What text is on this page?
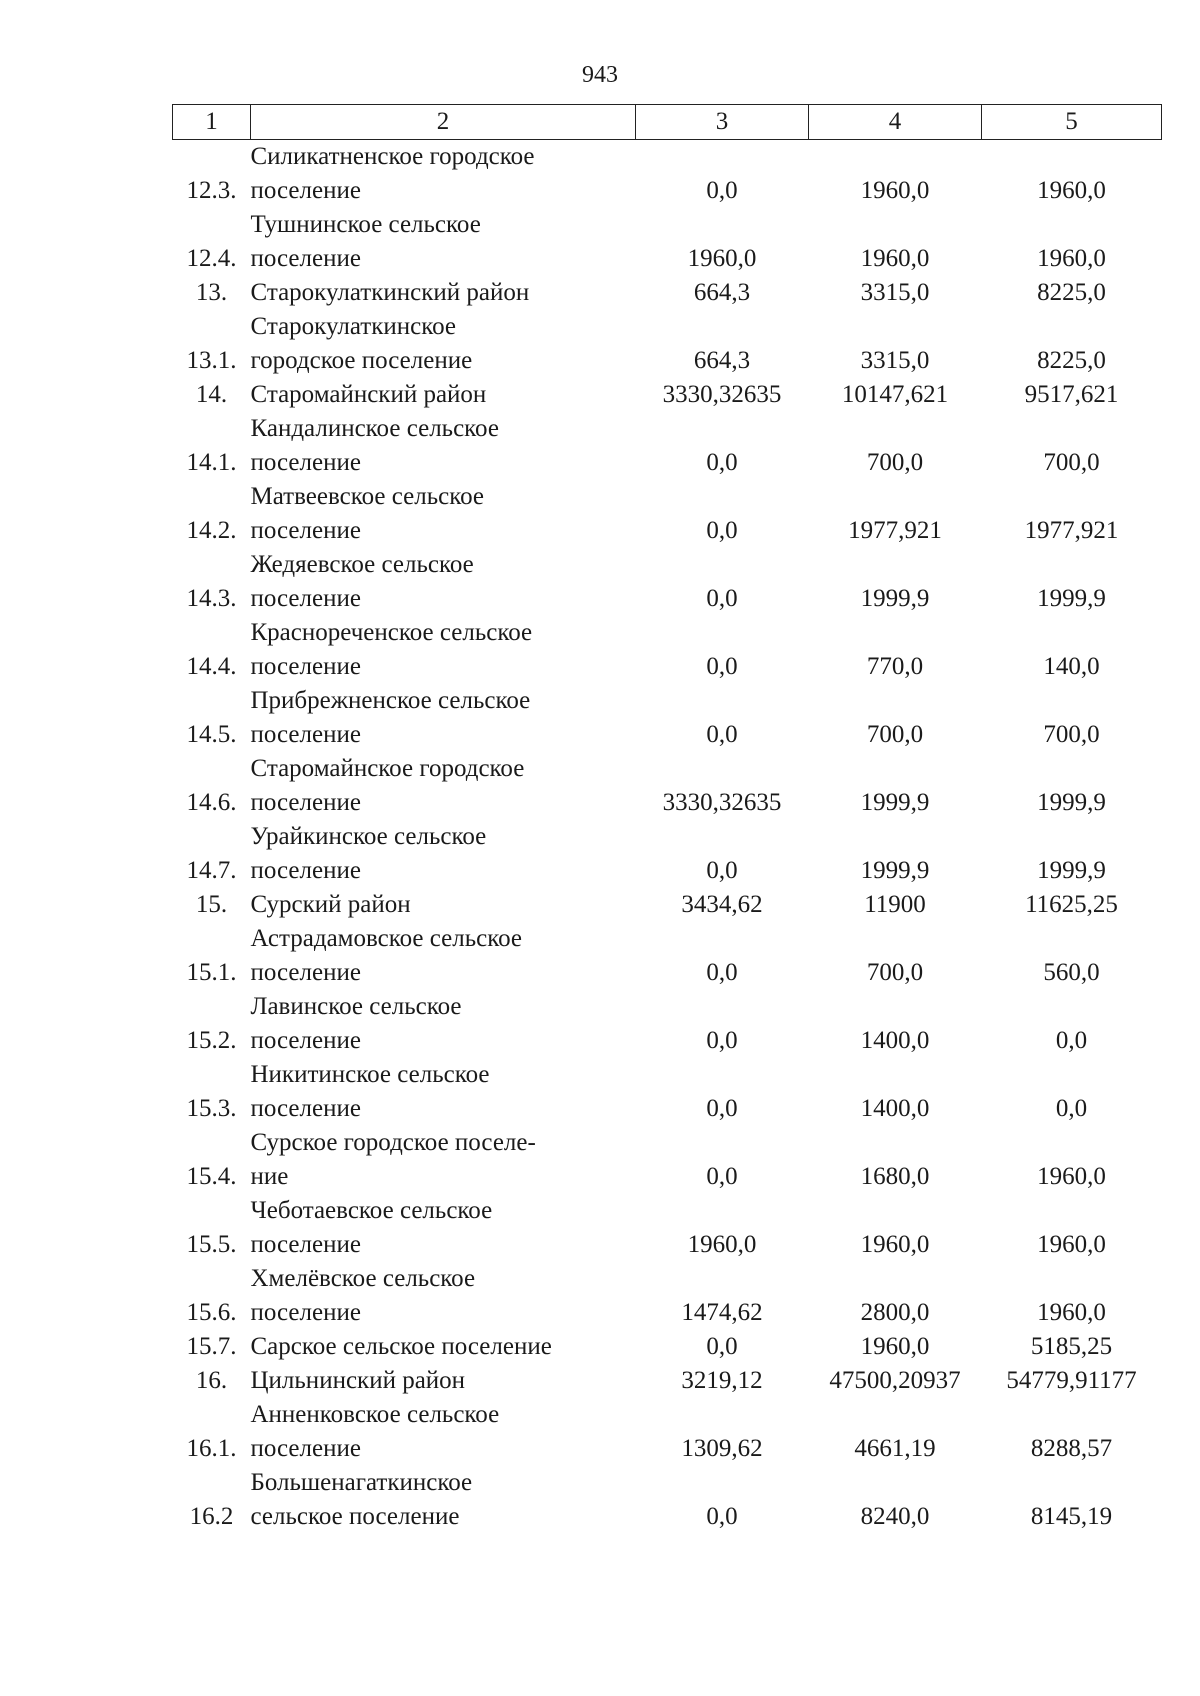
943
1	2	3	4	5
12.3.	Силикатненское городское
поселение	0,0	1960,0	1960,0
12.4.	Тушнинское сельское
поселение	1960,0	1960,0	1960,0
13.	Старокулаткинский район	664,3	3315,0	8225,0
13.1.	Старокулаткинское
городское поселение	664,3	3315,0	8225,0
14.	Старомайнский район	3330,32635	10147,621	9517,621
14.1.	Кандалинское сельское
поселение	0,0	700,0	700,0
14.2.	Матвеевское сельское
поселение	0,0	1977,921	1977,921
14.3.	Жедяевское сельское
поселение	0,0	1999,9	1999,9
14.4.	Краснореченское сельское
поселение	0,0	770,0	140,0
14.5.	Прибрежненское сельское
поселение	0,0	700,0	700,0
14.6.	Старомайнское городское
поселение	3330,32635	1999,9	1999,9
14.7.	Урайкинское сельское
поселение	0,0	1999,9	1999,9
15.	Сурский район	3434,62	11900	11625,25
15.1.	Астрадамовское сельское
поселение	0,0	700,0	560,0
15.2.	Лавинское сельское
поселение	0,0	1400,0	0,0
15.3.	Никитинское сельское
поселение	0,0	1400,0	0,0
15.4.	Сурское городское поселе-
ние	0,0	1680,0	1960,0
15.5.	Чеботаевское сельское
поселение	1960,0	1960,0	1960,0
15.6.	Хмелёвское сельское
поселение	1474,62	2800,0	1960,0
15.7.	Сарское сельское поселение	0,0	1960,0	5185,25
16.	Цильнинский район	3219,12	47500,20937	54779,91177
16.1.	Анненковское сельское
поселение	1309,62	4661,19	8288,57
16.2	Большенагаткинское
сельское поселение	0,0	8240,0	8145,19
